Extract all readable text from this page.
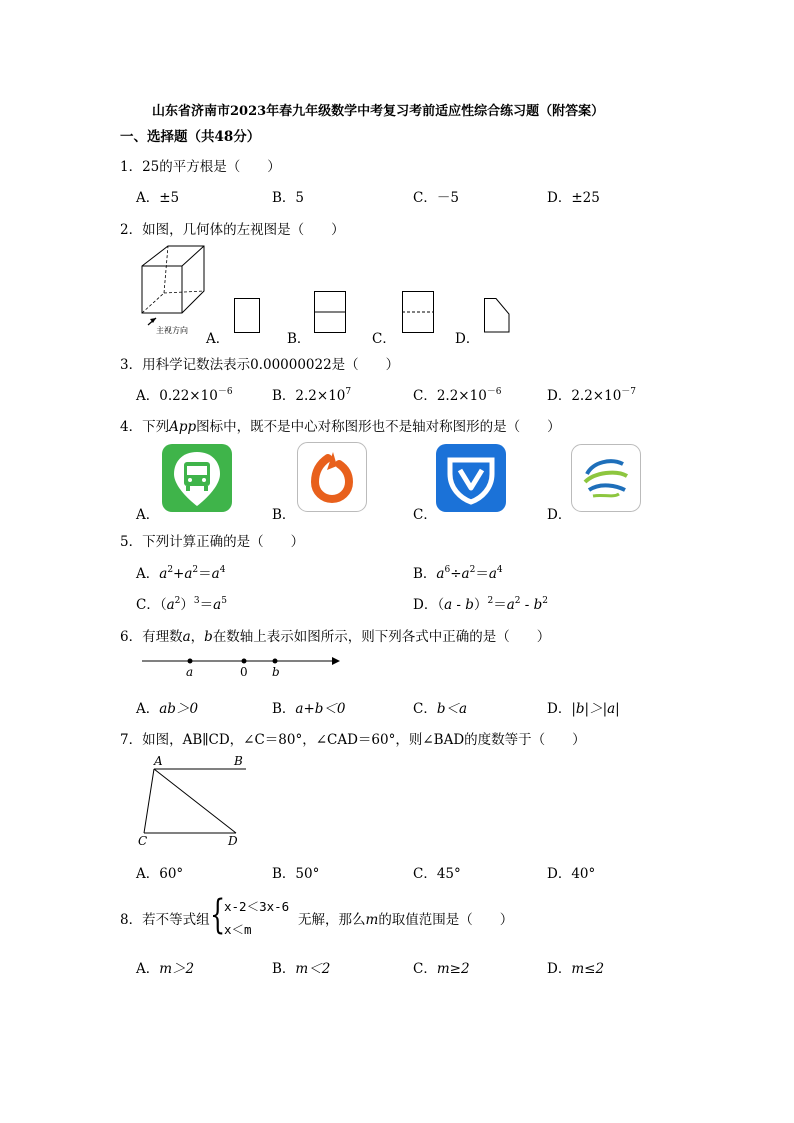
山东省济南市2023年春九年级数学中考复习考前适应性综合练习题（附答案）
一、选择题（共48分）
1．25的平方根是（　　）
A．±5	B．5	C．－5	D．±25
2．如图，几何体的左视图是（　　）
主视方向
A．	B．	C．	D．
3．用科学记数法表示0.00000022是（　　）
A．$0.22\times 10^{-6}$	B．$2.2\times 10^7$	C．$2.2\times 10^{-6}$	D．$2.2\times 10^{-7}$
4．下列App图标中，既不是中心对称图形也不是轴对称图形的是（　　）
A．	B．	C．	D．
5．下列计算正确的是（　　）
A．$a^2+a^2=a^4$	B．$a^6\div a^2=a^4$
C．$(a^2)^3=a^5$	D．$(a - b)^2=a^2 - b^2$
6．有理数a，b在数轴上表示如图所示，则下列各式中正确的是（　　）
a	0 b
A．ab＞0	B．a+b＜0	C．b＜a	D．|b|＞|a|
7．如图，AB∥CD，∠C＝80°，∠CAD＝60°，则∠BAD的度数等于（　　）
A	B
C	D
A．60°	B．50°	C．45°	D．40°
8．若不等式组 {
x-2＜3x-6
x＜m
无解，那么m的取值范围是（　　）
A．m＞2	B．m＜2	C．m≥2	D．m≤2
